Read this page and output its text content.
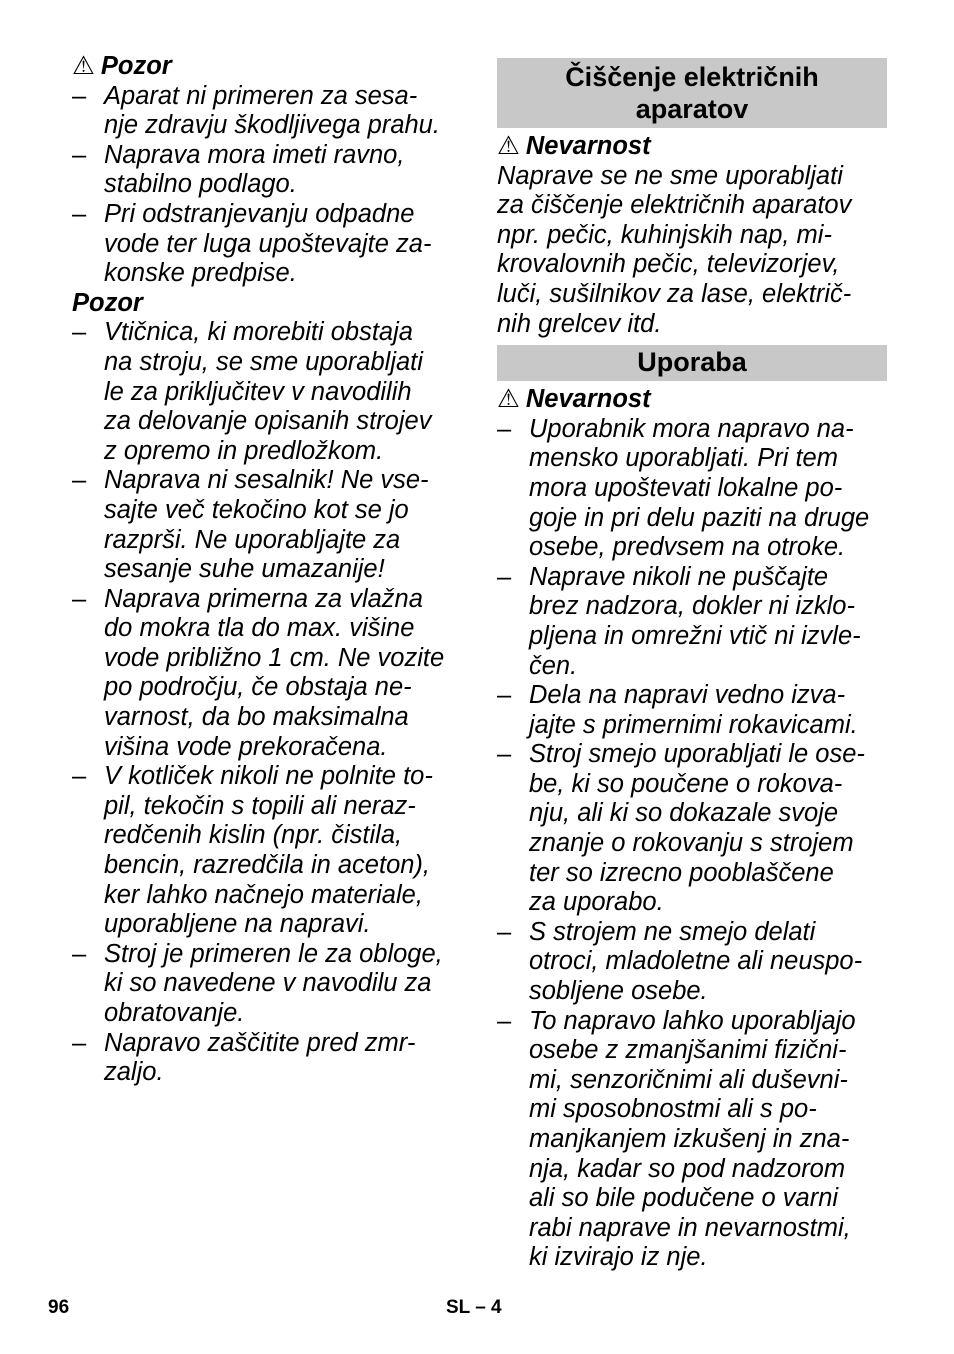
⚠ Pozor
– Aparat ni primeren za sesa-
nje zdravju škodljivega prahu.
– Naprava mora imeti ravno,
stabilno podlago.
– Pri odstranjevanju odpadne
vode ter luga upoštevajte za-
konske predpise.
Pozor
– Vtičnica, ki morebiti obstaja
na stroju, se sme uporabljati
le za priključitev v navodilih
za delovanje opisanih strojev
z opremo in predložkom.
– Naprava ni sesalnik! Ne vse-
sajte več tekočino kot se jo
razprši. Ne uporabljajte za
sesanje suhe umazanije!
– Naprava primerna za vlažna
do mokra tla do max. višine
vode približno 1 cm. Ne vozite
po področju, če obstaja ne-
varnost, da bo maksimalna
višina vode prekoračena.
– V kotliček nikoli ne polnite to-
pil, tekočin s topili ali neraz-
redčenih kislin (npr. čistila,
bencin, razredčila in aceton),
ker lahko načnejo materiale,
uporabljene na napravi.
– Stroj je primeren le za obloge,
ki so navedene v navodilu za
obratovanje.
– Napravo zaščitite pred zmr-
zaljo.
Čiščenje električnih
aparatov
⚠ Nevarnost
Naprave se ne sme uporabljati
za čiščenje električnih aparatov
npr. pečic, kuhinjskih nap, mi-
krovalovnih pečic, televizorjev,
luči, sušilnikov za lase, električ-
nih grelcev itd.
Uporaba
⚠ Nevarnost
– Uporabnik mora napravo na-
mensko uporabljati. Pri tem
mora upoštevati lokalne po-
goje in pri delu paziti na druge
osebe, predvsem na otroke.
– Naprave nikoli ne puščajte
brez nadzora, dokler ni izklo-
pljena in omrežni vtič ni izvle-
čen.
– Dela na napravi vedno izva-
jajte s primernimi rokavicami.
– Stroj smejo uporabljati le ose-
be, ki so poučene o rokova-
nju, ali ki so dokazale svoje
znanje o rokovanju s strojem
ter so izrecno pooblaščene
za uporabo.
– S strojem ne smejo delati
otroci, mladoletne ali neuspo-
sobljene osebe.
– To napravo lahko uporabljajo
osebe z zmanjšanimi fizični-
mi, senzoričnimi ali duševni-
mi sposobnostmi ali s po-
manjkanjem izkušenj in zna-
nja, kadar so pod nadzorom
ali so bile podučene o varni
rabi naprave in nevarnostmi,
ki izvirajo iz nje.
96	SL – 4
